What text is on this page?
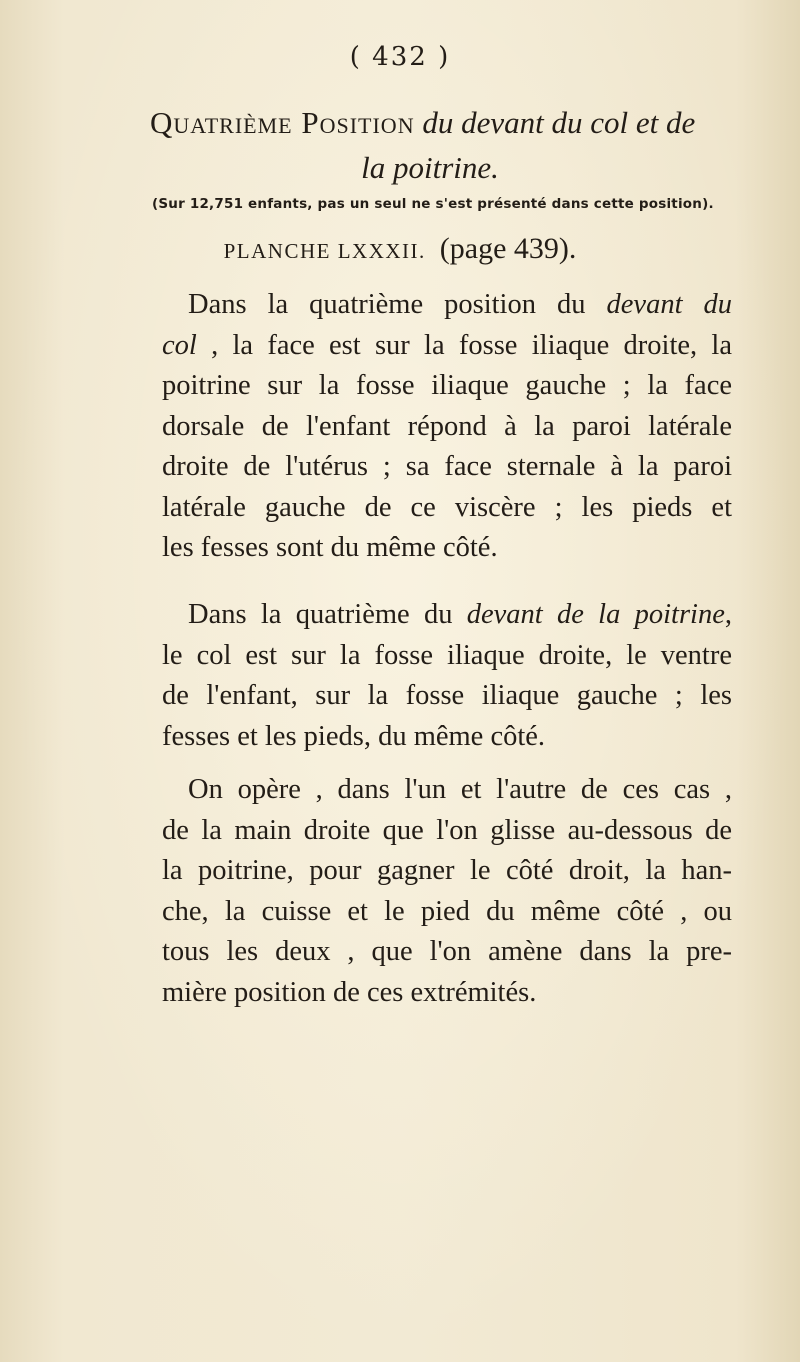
( 432 )
Quatrième Position du devant du col et de
la poitrine.
(Sur 12,751 enfants, pas un seul ne s'est présenté dans cette position).
PLANCHE LXXXII. (page 439).
Dans la quatrième position du devant du
col , la face est sur la fosse iliaque droite, la
poitrine sur la fosse iliaque gauche ; la face
dorsale de l'enfant répond à la paroi latérale
droite de l'utérus ; sa face sternale à la paroi
latérale gauche de ce viscère ; les pieds et
les fesses sont du même côté.
Dans la quatrième du devant de la poitrine,
le col est sur la fosse iliaque droite, le ventre
de l'enfant, sur la fosse iliaque gauche ; les
fesses et les pieds, du même côté.
On opère , dans l'un et l'autre de ces cas ,
de la main droite que l'on glisse au-dessous de
la poitrine, pour gagner le côté droit, la han-
che, la cuisse et le pied du même côté , ou
tous les deux , que l'on amène dans la pre-
mière position de ces extrémités.
